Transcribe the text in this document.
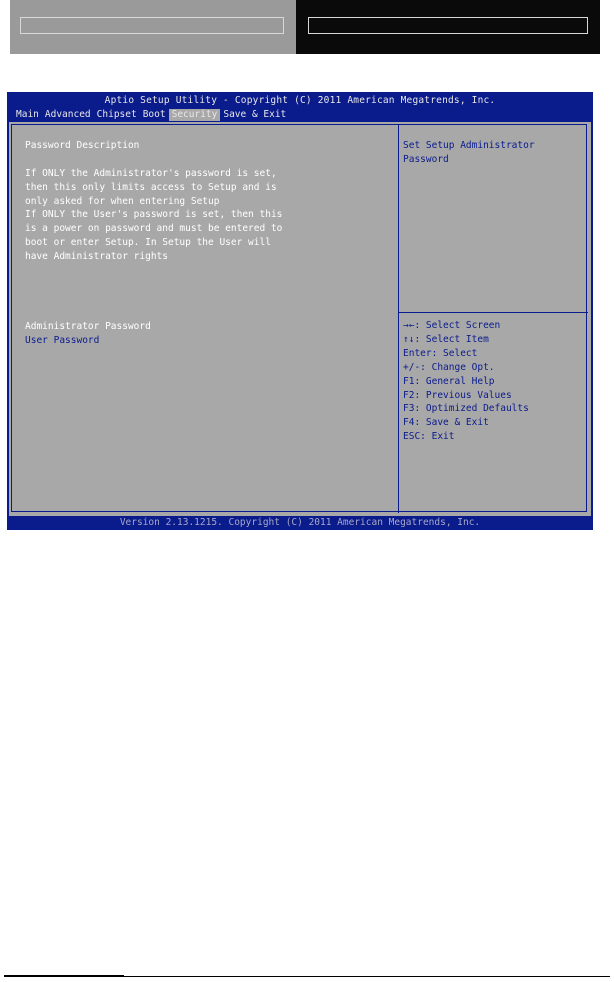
Aptio Setup Utility - Copyright (C) 2011 American Megatrends, Inc.
Main Advanced Chipset Boot Security Save & Exit
Password Description
If ONLY the Administrator's password is set,
then this only limits access to Setup and is
only asked for when entering Setup
If ONLY the User's password is set, then this
is a power on password and must be entered to
boot or enter Setup. In Setup the User will
have Administrator rights
Administrator Password
User Password
Set Setup Administrator
Password
→←: Select Screen
↑↓: Select Item
Enter: Select
+/-: Change Opt.
F1: General Help
F2: Previous Values
F3: Optimized Defaults
F4: Save & Exit
ESC: Exit
Version 2.13.1215. Copyright (C) 2011 American Megatrends, Inc.
